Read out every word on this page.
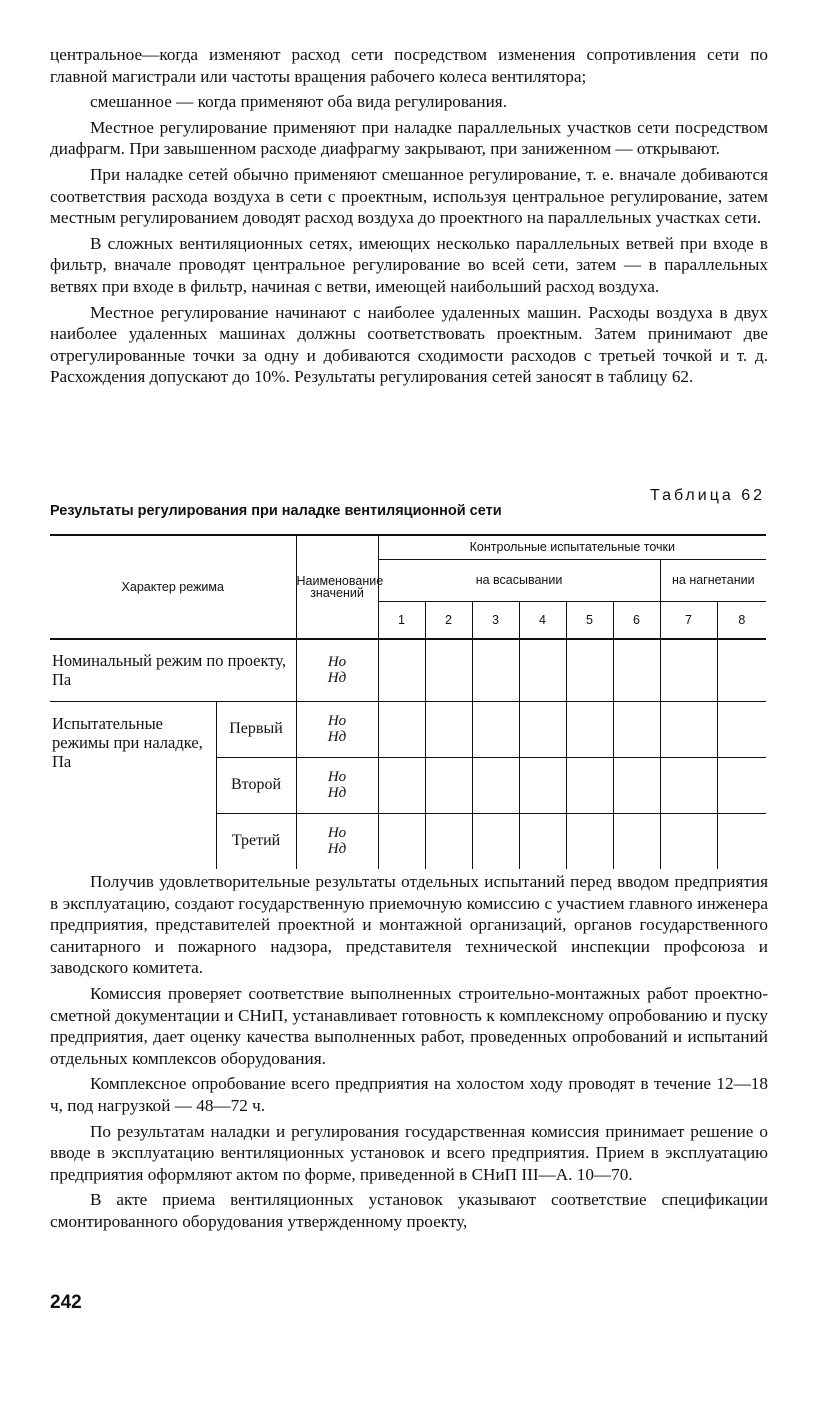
центральное—когда изменяют расход сети посредством изменения сопротивления сети по главной магистрали или частоты вращения рабочего колеса вентилятора;

смешанное — когда применяют оба вида регулирования.

Местное регулирование применяют при наладке параллельных участков сети посредством диафрагм. При завышенном расходе диафрагму закрывают, при заниженном — открывают.

При наладке сетей обычно применяют смешанное регулирование, т. е. вначале добиваются соответствия расхода воздуха в сети с проектным, используя центральное регулирование, затем местным регулированием доводят расход воздуха до проектного на параллельных участках сети.

В сложных вентиляционных сетях, имеющих несколько параллельных ветвей при входе в фильтр, вначале проводят центральное регулирование во всей сети, затем — в параллельных ветвях при входе в фильтр, начиная с ветви, имеющей наибольший расход воздуха.

Местное регулирование начинают с наиболее удаленных машин. Расходы воздуха в двух наиболее удаленных машинах должны соответствовать проектным. Затем принимают две отрегулированные точки за одну и добиваются сходимости расходов с третьей точкой и т. д. Расхождения допускают до 10%. Результаты регулирования сетей заносят в таблицу 62.

Таблица 62
Результаты регулирования при наладке вентиляционной сети
Характер режима		Наименование значений	Контрольные испытательные точки							
			на всасывании						на нагнетании	
			1	2	3	4	5	6	7	8
Номинальный режим по проекту, Па		Hо
Hд								

Испытательные режимы при наладке, Па	Первый	Hо
Hд								

	Второй	Hо
Hд								

	Третий	Hо
Hд								

Получив удовлетворительные результаты отдельных испытаний перед вводом предприятия в эксплуатацию, создают государственную приемочную комиссию с участием главного инженера предприятия, представителей проектной и монтажной организаций, органов государственного санитарного и пожарного надзора, представителя технической инспекции профсоюза и заводского комитета.

Комиссия проверяет соответствие выполненных строительно-монтажных работ проектно-сметной документации и СНиП, устанавливает готовность к комплексному опробованию и пуску предприятия, дает оценку качества выполненных работ, проведенных опробований и испытаний отдельных комплексов оборудования.

Комплексное опробование всего предприятия на холостом ходу проводят в течение 12—18 ч, под нагрузкой — 48—72 ч.

По результатам наладки и регулирования государственная комиссия принимает решение о вводе в эксплуатацию вентиляционных установок и всего предприятия. Прием в эксплуатацию предприятия оформляют актом по форме, приведенной в СНиП III—А. 10—70.

В акте приема вентиляционных установок указывают соответствие спецификации смонтированного оборудования утвержденному проекту,

242
